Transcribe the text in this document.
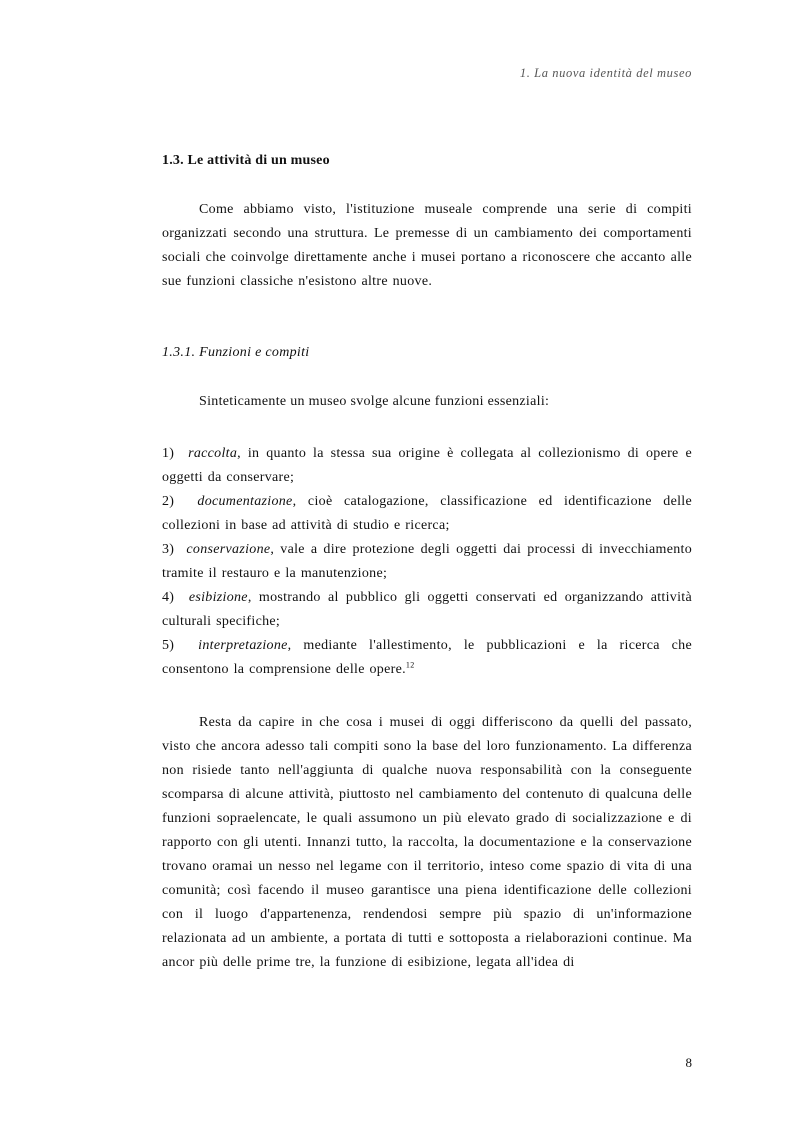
1. La nuova identità del museo
1.3. Le attività di un museo
Come abbiamo visto, l'istituzione museale comprende una serie di compiti organizzati secondo una struttura. Le premesse di un cambiamento dei comportamenti sociali che coinvolge direttamente anche i musei portano a riconoscere che accanto alle sue funzioni classiche n'esistono altre nuove.
1.3.1. Funzioni e compiti
Sinteticamente un museo svolge alcune funzioni essenziali:
1) raccolta, in quanto la stessa sua origine è collegata al collezionismo di opere e oggetti da conservare;
2) documentazione, cioè catalogazione, classificazione ed identificazione delle collezioni in base ad attività di studio e ricerca;
3) conservazione, vale a dire protezione degli oggetti dai processi di invecchiamento tramite il restauro e la manutenzione;
4) esibizione, mostrando al pubblico gli oggetti conservati ed organizzando attività culturali specifiche;
5) interpretazione, mediante l'allestimento, le pubblicazioni e la ricerca che consentono la comprensione delle opere.$^{12}$
Resta da capire in che cosa i musei di oggi differiscono da quelli del passato, visto che ancora adesso tali compiti sono la base del loro funzionamento. La differenza non risiede tanto nell'aggiunta di qualche nuova responsabilità con la conseguente scomparsa di alcune attività, piuttosto nel cambiamento del contenuto di qualcuna delle funzioni sopraelencate, le quali assumono un più elevato grado di socializzazione e di rapporto con gli utenti. Innanzi tutto, la raccolta, la documentazione e la conservazione trovano oramai un nesso nel legame con il territorio, inteso come spazio di vita di una comunità; così facendo il museo garantisce una piena identificazione delle collezioni con il luogo d'appartenenza, rendendosi sempre più spazio di un'informazione relazionata ad un ambiente, a portata di tutti e sottoposta a rielaborazioni continue. Ma ancor più delle prime tre, la funzione di esibizione, legata all'idea di
8
